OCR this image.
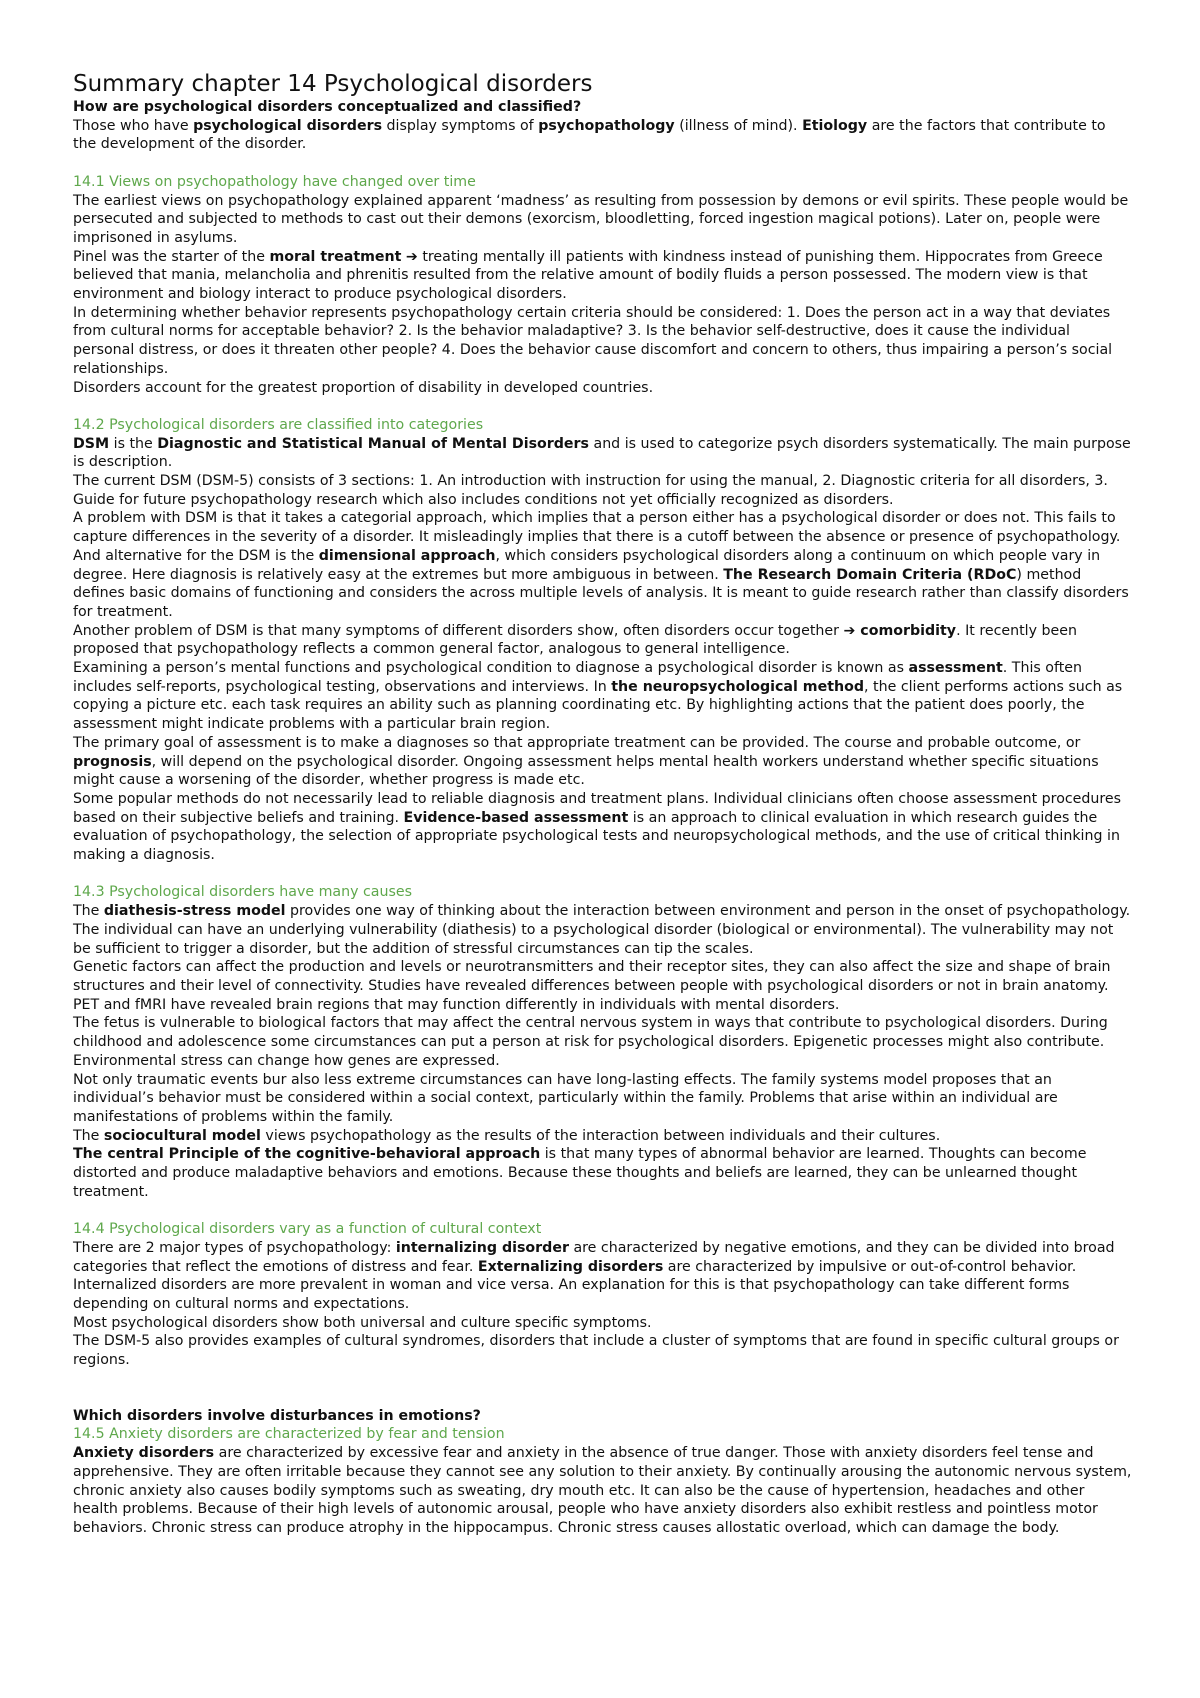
Summary chapter 14 Psychological disorders

How are psychological disorders conceptualized and classified?

Those who have psychological disorders display symptoms of psychopathology (illness of mind). Etiology are the factors that contribute to the development of the disorder.

14.1 Views on psychopathology have changed over time

The earliest views on psychopathology explained apparent ‘madness’ as resulting from possession by demons or evil spirits. These people would be persecuted and subjected to methods to cast out their demons (exorcism, bloodletting, forced ingestion magical potions). Later on, people were imprisoned in asylums.

Pinel was the starter of the moral treatment ➔ treating mentally ill patients with kindness instead of punishing them. Hippocrates from Greece believed that mania, melancholia and phrenitis resulted from the relative amount of bodily fluids a person possessed. The modern view is that environment and biology interact to produce psychological disorders.

In determining whether behavior represents psychopathology certain criteria should be considered: 1. Does the person act in a way that deviates from cultural norms for acceptable behavior? 2. Is the behavior maladaptive? 3. Is the behavior self-destructive, does it cause the individual personal distress, or does it threaten other people? 4. Does the behavior cause discomfort and concern to others, thus impairing a person’s social relationships.

Disorders account for the greatest proportion of disability in developed countries.

14.2 Psychological disorders are classified into categories

DSM is the Diagnostic and Statistical Manual of Mental Disorders and is used to categorize psych disorders systematically. The main purpose is description.

The current DSM (DSM-5) consists of 3 sections: 1. An introduction with instruction for using the manual, 2. Diagnostic criteria for all disorders, 3. Guide for future psychopathology research which also includes conditions not yet officially recognized as disorders.

A problem with DSM is that it takes a categorial approach, which implies that a person either has a psychological disorder or does not. This fails to capture differences in the severity of a disorder. It misleadingly implies that there is a cutoff between the absence or presence of psychopathology. And alternative for the DSM is the dimensional approach, which considers psychological disorders along a continuum on which people vary in degree. Here diagnosis is relatively easy at the extremes but more ambiguous in between. The Research Domain Criteria (RDoC) method defines basic domains of functioning and considers the across multiple levels of analysis. It is meant to guide research rather than classify disorders for treatment.

Another problem of DSM is that many symptoms of different disorders show, often disorders occur together ➔ comorbidity. It recently been proposed that psychopathology reflects a common general factor, analogous to general intelligence.

Examining a person’s mental functions and psychological condition to diagnose a psychological disorder is known as assessment. This often includes self-reports, psychological testing, observations and interviews. In the neuropsychological method, the client performs actions such as copying a picture etc. each task requires an ability such as planning coordinating etc. By highlighting actions that the patient does poorly, the assessment might indicate problems with a particular brain region.

The primary goal of assessment is to make a diagnoses so that appropriate treatment can be provided. The course and probable outcome, or prognosis, will depend on the psychological disorder. Ongoing assessment helps mental health workers understand whether specific situations might cause a worsening of the disorder, whether progress is made etc.

Some popular methods do not necessarily lead to reliable diagnosis and treatment plans. Individual clinicians often choose assessment procedures based on their subjective beliefs and training. Evidence-based assessment is an approach to clinical evaluation in which research guides the evaluation of psychopathology, the selection of appropriate psychological tests and neuropsychological methods, and the use of critical thinking in making a diagnosis.

14.3 Psychological disorders have many causes

The diathesis-stress model provides one way of thinking about the interaction between environment and person in the onset of psychopathology. The individual can have an underlying vulnerability (diathesis) to a psychological disorder (biological or environmental). The vulnerability may not be sufficient to trigger a disorder, but the addition of stressful circumstances can tip the scales.

Genetic factors can affect the production and levels or neurotransmitters and their receptor sites, they can also affect the size and shape of brain structures and their level of connectivity. Studies have revealed differences between people with psychological disorders or not in brain anatomy. PET and fMRI have revealed brain regions that may function differently in individuals with mental disorders.

The fetus is vulnerable to biological factors that may affect the central nervous system in ways that contribute to psychological disorders. During childhood and adolescence some circumstances can put a person at risk for psychological disorders. Epigenetic processes might also contribute. Environmental stress can change how genes are expressed.

Not only traumatic events bur also less extreme circumstances can have long-lasting effects. The family systems model proposes that an individual’s behavior must be considered within a social context, particularly within the family. Problems that arise within an individual are manifestations of problems within the family.

The sociocultural model views psychopathology as the results of the interaction between individuals and their cultures.

The central Principle of the cognitive-behavioral approach is that many types of abnormal behavior are learned. Thoughts can become distorted and produce maladaptive behaviors and emotions. Because these thoughts and beliefs are learned, they can be unlearned thought treatment.

14.4 Psychological disorders vary as a function of cultural context

There are 2 major types of psychopathology: internalizing disorder are characterized by negative emotions, and they can be divided into broad categories that reflect the emotions of distress and fear. Externalizing disorders are characterized by impulsive or out-of-control behavior. Internalized disorders are more prevalent in woman and vice versa. An explanation for this is that psychopathology can take different forms depending on cultural norms and expectations.

Most psychological disorders show both universal and culture specific symptoms.

The DSM-5 also provides examples of cultural syndromes, disorders that include a cluster of symptoms that are found in specific cultural groups or regions.

Which disorders involve disturbances in emotions?

14.5 Anxiety disorders are characterized by fear and tension

Anxiety disorders are characterized by excessive fear and anxiety in the absence of true danger. Those with anxiety disorders feel tense and apprehensive. They are often irritable because they cannot see any solution to their anxiety. By continually arousing the autonomic nervous system, chronic anxiety also causes bodily symptoms such as sweating, dry mouth etc. It can also be the cause of hypertension, headaches and other health problems. Because of their high levels of autonomic arousal, people who have anxiety disorders also exhibit restless and pointless motor behaviors. Chronic stress can produce atrophy in the hippocampus. Chronic stress causes allostatic overload, which can damage the body.
